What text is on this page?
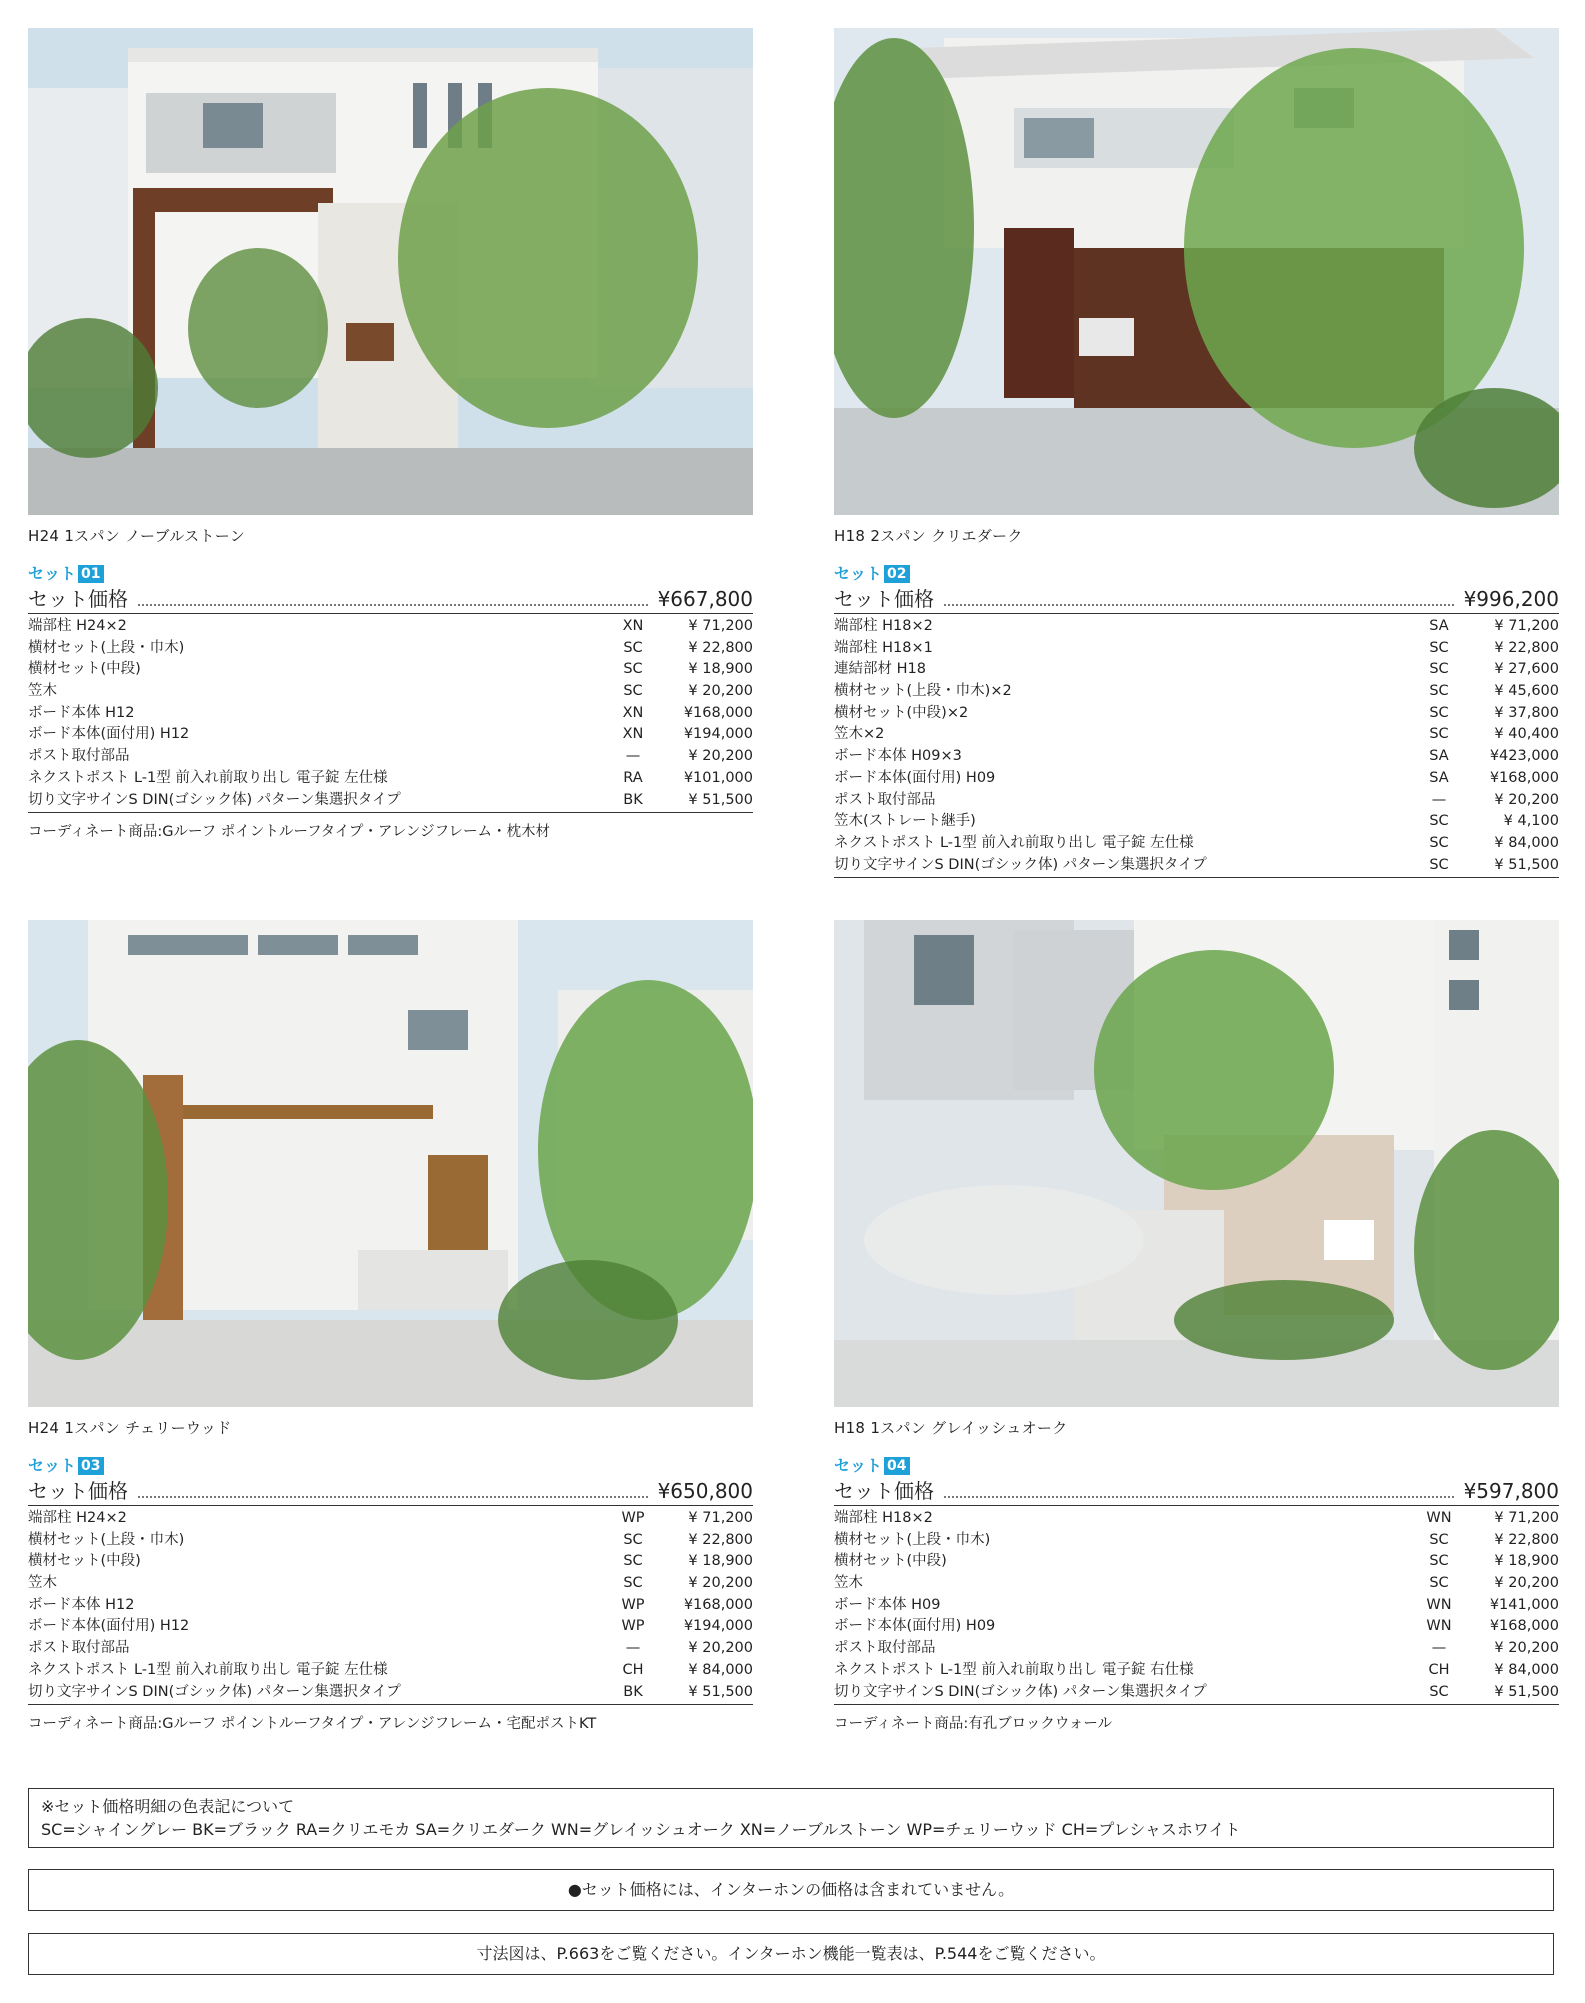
H24 1スパン ノーブルストーン
セット 01
セット価格	¥667,800
端部柱 H24×2	XN	¥ 71,200
横材セット(上段・巾木)	SC	¥ 22,800
横材セット(中段)	SC	¥ 18,900
笠木	SC	¥ 20,200
ボード本体 H12	XN	¥168,000
ボード本体(面付用) H12	XN	¥194,000
ポスト取付部品	—	¥ 20,200
ネクストポスト L-1型 前入れ前取り出し 電子錠 左仕様	RA	¥101,000
切り文字サインS DIN(ゴシック体) パターン集選択タイプ	BK	¥ 51,500
コーディネート商品:Gルーフ ポイントルーフタイプ・アレンジフレーム・枕木材
H18 2スパン クリエダーク
セット 02
セット価格	¥996,200
端部柱 H18×2	SA	¥ 71,200
端部柱 H18×1	SC	¥ 22,800
連結部材 H18	SC	¥ 27,600
横材セット(上段・巾木)×2	SC	¥ 45,600
横材セット(中段)×2	SC	¥ 37,800
笠木×2	SC	¥ 40,400
ボード本体 H09×3	SA	¥423,000
ボード本体(面付用) H09	SA	¥168,000
ポスト取付部品	—	¥ 20,200
笠木(ストレート継手)	SC	¥ 4,100
ネクストポスト L-1型 前入れ前取り出し 電子錠 左仕様	SC	¥ 84,000
切り文字サインS DIN(ゴシック体) パターン集選択タイプ	SC	¥ 51,500
H24 1スパン チェリーウッド
セット 03
セット価格	¥650,800
端部柱 H24×2	WP	¥ 71,200
横材セット(上段・巾木)	SC	¥ 22,800
横材セット(中段)	SC	¥ 18,900
笠木	SC	¥ 20,200
ボード本体 H12	WP	¥168,000
ボード本体(面付用) H12	WP	¥194,000
ポスト取付部品	—	¥ 20,200
ネクストポスト L-1型 前入れ前取り出し 電子錠 左仕様	CH	¥ 84,000
切り文字サインS DIN(ゴシック体) パターン集選択タイプ	BK	¥ 51,500
コーディネート商品:Gルーフ ポイントルーフタイプ・アレンジフレーム・宅配ポストKT
H18 1スパン グレイッシュオーク
セット 04
セット価格	¥597,800
端部柱 H18×2	WN	¥ 71,200
横材セット(上段・巾木)	SC	¥ 22,800
横材セット(中段)	SC	¥ 18,900
笠木	SC	¥ 20,200
ボード本体 H09	WN	¥141,000
ボード本体(面付用) H09	WN	¥168,000
ポスト取付部品	—	¥ 20,200
ネクストポスト L-1型 前入れ前取り出し 電子錠 右仕様	CH	¥ 84,000
切り文字サインS DIN(ゴシック体) パターン集選択タイプ	SC	¥ 51,500
コーディネート商品:有孔ブロックウォール
※セット価格明細の色表記について
SC=シャイングレー BK=ブラック RA=クリエモカ SA=クリエダーク WN=グレイッシュオーク XN=ノーブルストーン WP=チェリーウッド CH=プレシャスホワイト
●セット価格には、インターホンの価格は含まれていません。
寸法図は、P.663をご覧ください。インターホン機能一覧表は、P.544をご覧ください。
